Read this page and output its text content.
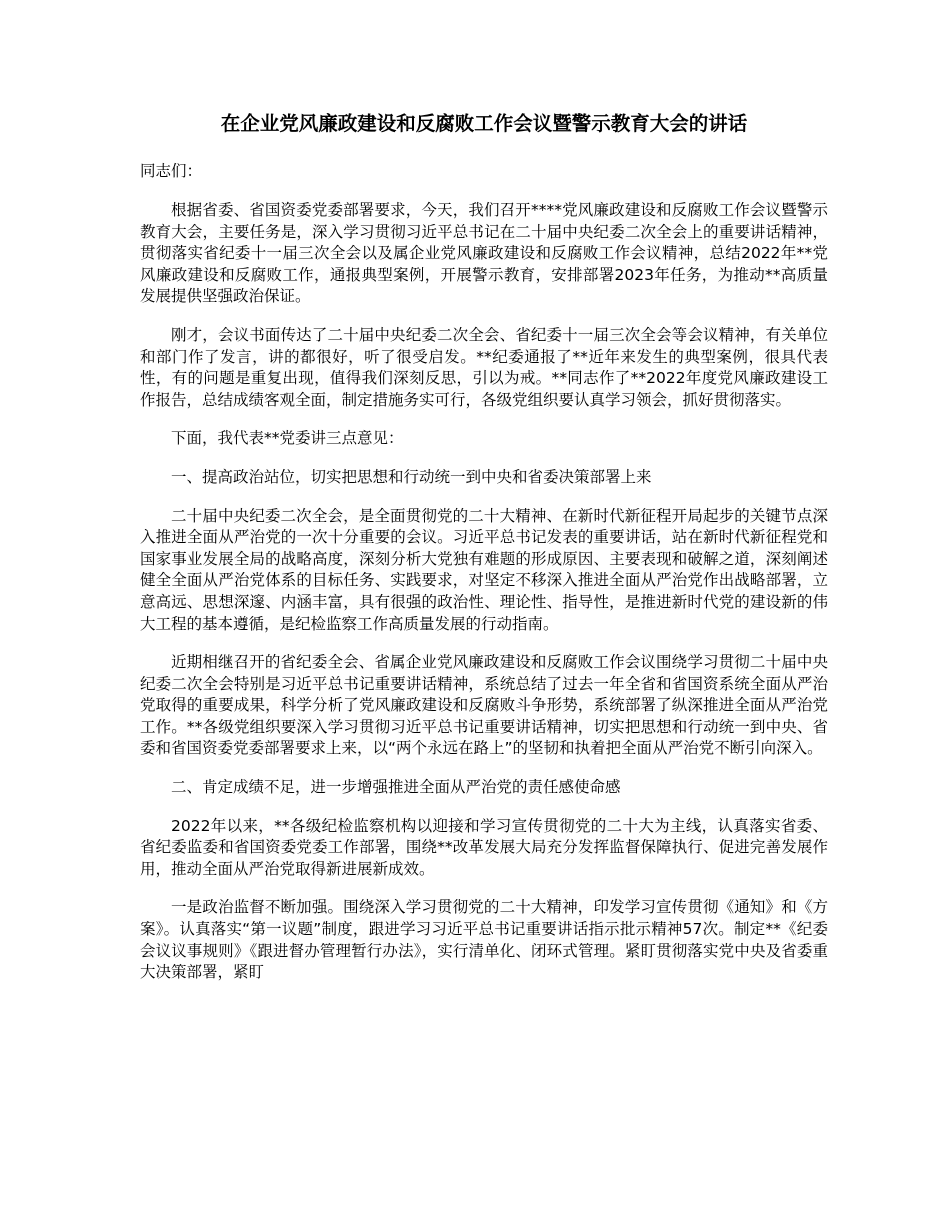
在企业党风廉政建设和反腐败工作会议暨警示教育大会的讲话

同志们：

根据省委、省国资委党委部署要求，今天，我们召开****党风廉政建设和反腐败工作会议暨警示教育大会，主要任务是，深入学习贯彻习近平总书记在二十届中央纪委二次全会上的重要讲话精神，贯彻落实省纪委十一届三次全会以及属企业党风廉政建设和反腐败工作会议精神，总结2022年**党风廉政建设和反腐败工作，通报典型案例，开展警示教育，安排部署2023年任务，为推动**高质量发展提供坚强政治保证。

刚才，会议书面传达了二十届中央纪委二次全会、省纪委十一届三次全会等会议精神，有关单位和部门作了发言，讲的都很好，听了很受启发。**纪委通报了**近年来发生的典型案例，很具代表性，有的问题是重复出现，值得我们深刻反思，引以为戒。**同志作了**2022年度党风廉政建设工作报告，总结成绩客观全面，制定措施务实可行，各级党组织要认真学习领会，抓好贯彻落实。

下面，我代表**党委讲三点意见：

一、提高政治站位，切实把思想和行动统一到中央和省委决策部署上来

二十届中央纪委二次全会，是全面贯彻党的二十大精神、在新时代新征程开局起步的关键节点深入推进全面从严治党的一次十分重要的会议。习近平总书记发表的重要讲话，站在新时代新征程党和国家事业发展全局的战略高度，深刻分析大党独有难题的形成原因、主要表现和破解之道，深刻阐述健全全面从严治党体系的目标任务、实践要求，对坚定不移深入推进全面从严治党作出战略部署，立意高远、思想深邃、内涵丰富，具有很强的政治性、理论性、指导性，是推进新时代党的建设新的伟大工程的基本遵循，是纪检监察工作高质量发展的行动指南。

近期相继召开的省纪委全会、省属企业党风廉政建设和反腐败工作会议围绕学习贯彻二十届中央纪委二次全会特别是习近平总书记重要讲话精神，系统总结了过去一年全省和省国资系统全面从严治党取得的重要成果，科学分析了党风廉政建设和反腐败斗争形势，系统部署了纵深推进全面从严治党工作。**各级党组织要深入学习贯彻习近平总书记重要讲话精神，切实把思想和行动统一到中央、省委和省国资委党委部署要求上来，以“两个永远在路上”的坚韧和执着把全面从严治党不断引向深入。

二、肯定成绩不足，进一步增强推进全面从严治党的责任感使命感

2022年以来，**各级纪检监察机构以迎接和学习宣传贯彻党的二十大为主线，认真落实省委、省纪委监委和省国资委党委工作部署，围绕**改革发展大局充分发挥监督保障执行、促进完善发展作用，推动全面从严治党取得新进展新成效。

一是政治监督不断加强。围绕深入学习贯彻党的二十大精神，印发学习宣传贯彻《通知》和《方案》。认真落实“第一议题”制度，跟进学习习近平总书记重要讲话指示批示精神57次。制定**《纪委会议议事规则》《跟进督办管理暂行办法》，实行清单化、闭环式管理。紧盯贯彻落实党中央及省委重大决策部署，紧盯
